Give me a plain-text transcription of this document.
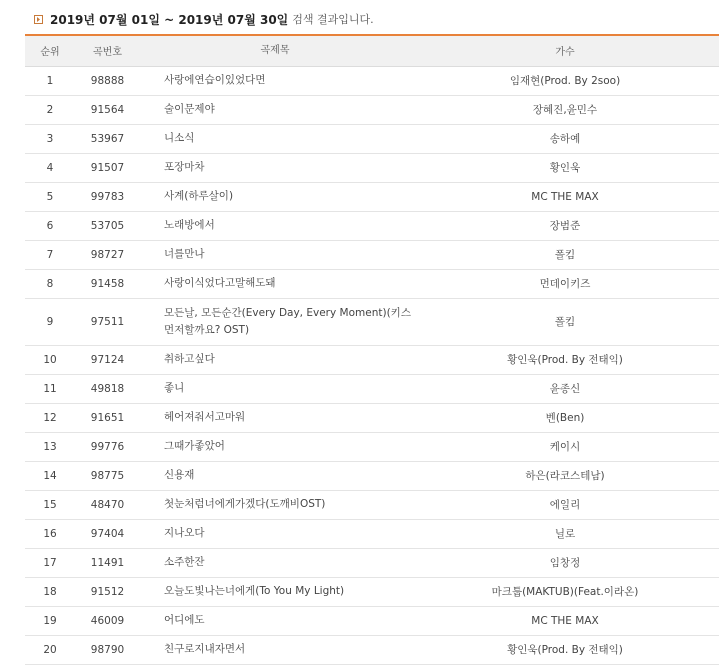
2019년 07월 01일 ~ 2019년 07월 30일 검색 결과입니다.
순위	곡번호	곡제목	가수
1	98888	사랑에연습이있었다면	임재현(Prod. By 2soo)
2	91564	술이문제야	장혜진,윤민수
3	53967	니소식	송하예
4	91507	포장마차	황인욱
5	99783	사계(하루살이)	MC THE MAX
6	53705	노래방에서	장범준
7	98727	너를만나	폴킴
8	91458	사랑이식었다고말해도돼	먼데이키즈
9	97511	모든날, 모든순간(Every Day, Every Moment)(키스먼저할까요? OST)	폴킴
10	97124	취하고싶다	황인욱(Prod. By 전태익)
11	49818	좋니	윤종신
12	91651	헤어져줘서고마워	벤(Ben)
13	99776	그때가좋았어	케이시
14	98775	신용재	하은(라코스테남)
15	48470	첫눈처럼너에게가겠다(도깨비OST)	에일리
16	97404	지나오다	닐로
17	11491	소주한잔	임창정
18	91512	오늘도빛나는너에게(To You My Light)	마크툽(MAKTUB)(Feat.이라온)
19	46009	어디에도	MC THE MAX
20	98790	친구로지내자면서	황인욱(Prod. By 전태익)
